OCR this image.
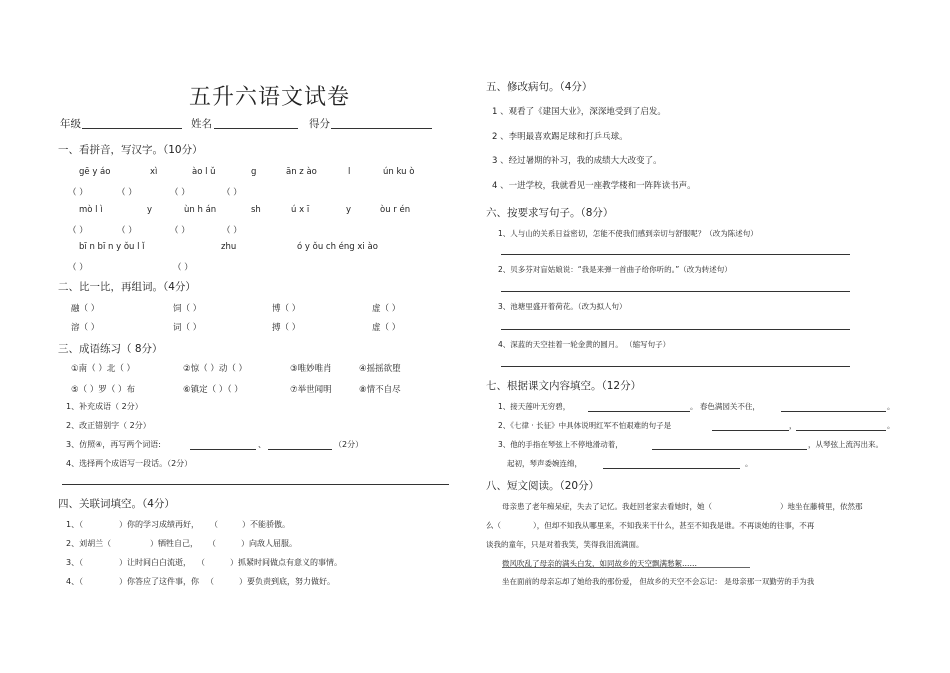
五升六语文试卷
年级	姓名	得分
一、看拼音，写汉字。（10分）
gē y áo	xì	ào l ǔ	g	ān z ào	l	ún ku ò
（ ）	（ ）	（ ）	（ ）
mò l ì	y	ùn h án	sh	ú x ī	y	òu r én
（ ）	（ ）	（ ）	（ ）
bī n bī n y ǒu l ǐ	zhu	ó y ǒu ch éng xi ào
（ ）	（ ）
二、比一比，再组词。（4分）
融（ ）	饲（ ）	博（ ）	虚（ ）
溶（ ）	词（ ）	搏（ ）	虚（ ）
三、成语练习（ 8分）
①南（ ）北（ ）	②惊（ ）动（ ）	③唯妙唯肖	④摇摇欲堕
⑤（ ）罗（ ）布	⑥镇定（ ）（ ）	⑦举世闻明	⑧情不自尽
1、补充成语（ 2分）
2、改正错别字（ 2分）
3、仿照④，再写两个词语:	、	（2分）
4、选择两个成语写一段话。（2分）
四、关联词填空。（4分）
1、（	）你的学习成绩再好， （	）不能骄傲。
2、刘胡兰（	）牺牲自己， （	）向敌人屈服。
3、（	）让时间白白流逝， （	）抓紧时间做点有意义的事情。
4、（	）你答应了这件事，你 （	）要负责到底，努力做好。
五、修改病句。（4分）
1 、观看了《建国大业》，深深地受到了启发。
2 、李明最喜欢踢足球和打乒乓球。
3 、经过暑期的补习，我的成绩大大改变了。
4 、一进学校，我就看见一座教学楼和一阵阵读书声。
六、按要求写句子。（8分）
1、人与山的关系日益密切，怎能不使我们感到亲切与舒服呢？（改为陈述句）
2、贝多芬对盲姑娘说：“我是来弹一首曲子给你听的。”（改为转述句）
3、池塘里盛开着荷花。（改为拟人句）
4、深蓝的天空挂着一轮金黄的圆月。 （缩写句子）
七、根据课文内容填空。（12分）
1、接天莲叶无穷碧，	。 春色满园关不住，	。
2、《七律 · 长征》中具体说明红军不怕艰难的句子是	，	。
3、他的手指在琴弦上不停地滑动着，	，从琴弦上流泻出来。
起初，琴声委婉连绵，	。
八、短文阅读。（20分）
母亲患了老年痴呆症，失去了记忆。我赶回老家去看她时，她（	）地坐在藤椅里，依然那
么（	），但却不知我从哪里来，不知我来干什么，甚至不知我是谁。不再谈她的往事，不再
谈我的童年，只是对着我笑，笑得我泪流满面。
微风吹乱了母亲的满头白发，如同故乡的天空飘满愁絮……
坐在面前的母亲忘却了她给我的那份爱， 但故乡的天空不会忘记： 是母亲那一双勤劳的手为我
